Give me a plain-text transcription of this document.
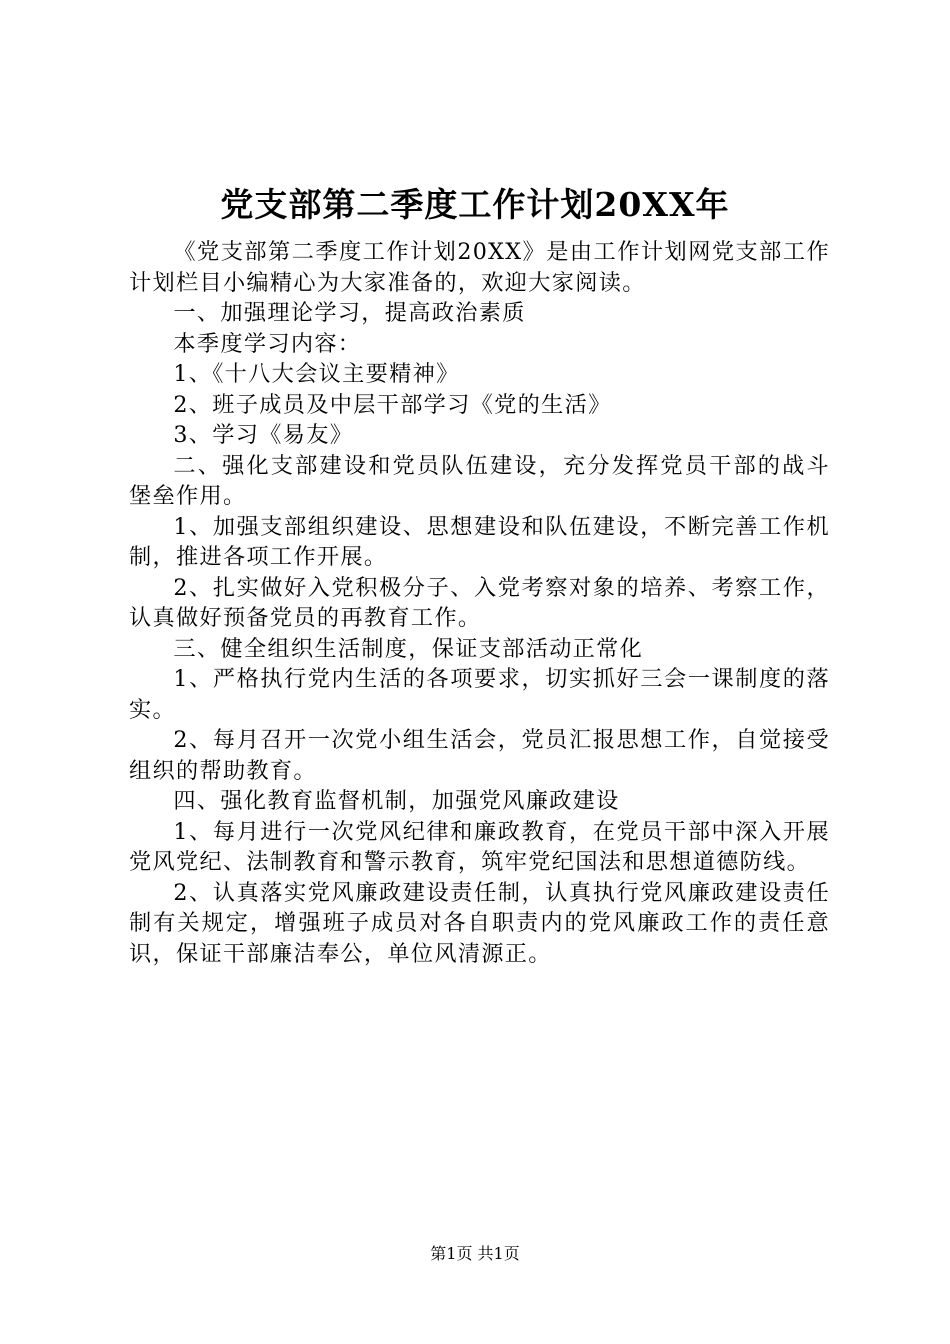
党支部第二季度工作计划20XX年

《党支部第二季度工作计划20XX》是由工作计划网党支部工作计划栏目小编精心为大家准备的，欢迎大家阅读。

一、加强理论学习，提高政治素质

本季度学习内容：

1、《十八大会议主要精神》

2、班子成员及中层干部学习《党的生活》

3、学习《易友》

二、强化支部建设和党员队伍建设，充分发挥党员干部的战斗堡垒作用。

1、加强支部组织建设、思想建设和队伍建设，不断完善工作机制，推进各项工作开展。

2、扎实做好入党积极分子、入党考察对象的培养、考察工作，认真做好预备党员的再教育工作。

三、健全组织生活制度，保证支部活动正常化

1、严格执行党内生活的各项要求，切实抓好三会一课制度的落实。

2、每月召开一次党小组生活会，党员汇报思想工作，自觉接受组织的帮助教育。

四、强化教育监督机制，加强党风廉政建设

1、每月进行一次党风纪律和廉政教育，在党员干部中深入开展党风党纪、法制教育和警示教育，筑牢党纪国法和思想道德防线。

2、认真落实党风廉政建设责任制，认真执行党风廉政建设责任制有关规定，增强班子成员对各自职责内的党风廉政工作的责任意识，保证干部廉洁奉公，单位风清源正。

第1页 共1页
